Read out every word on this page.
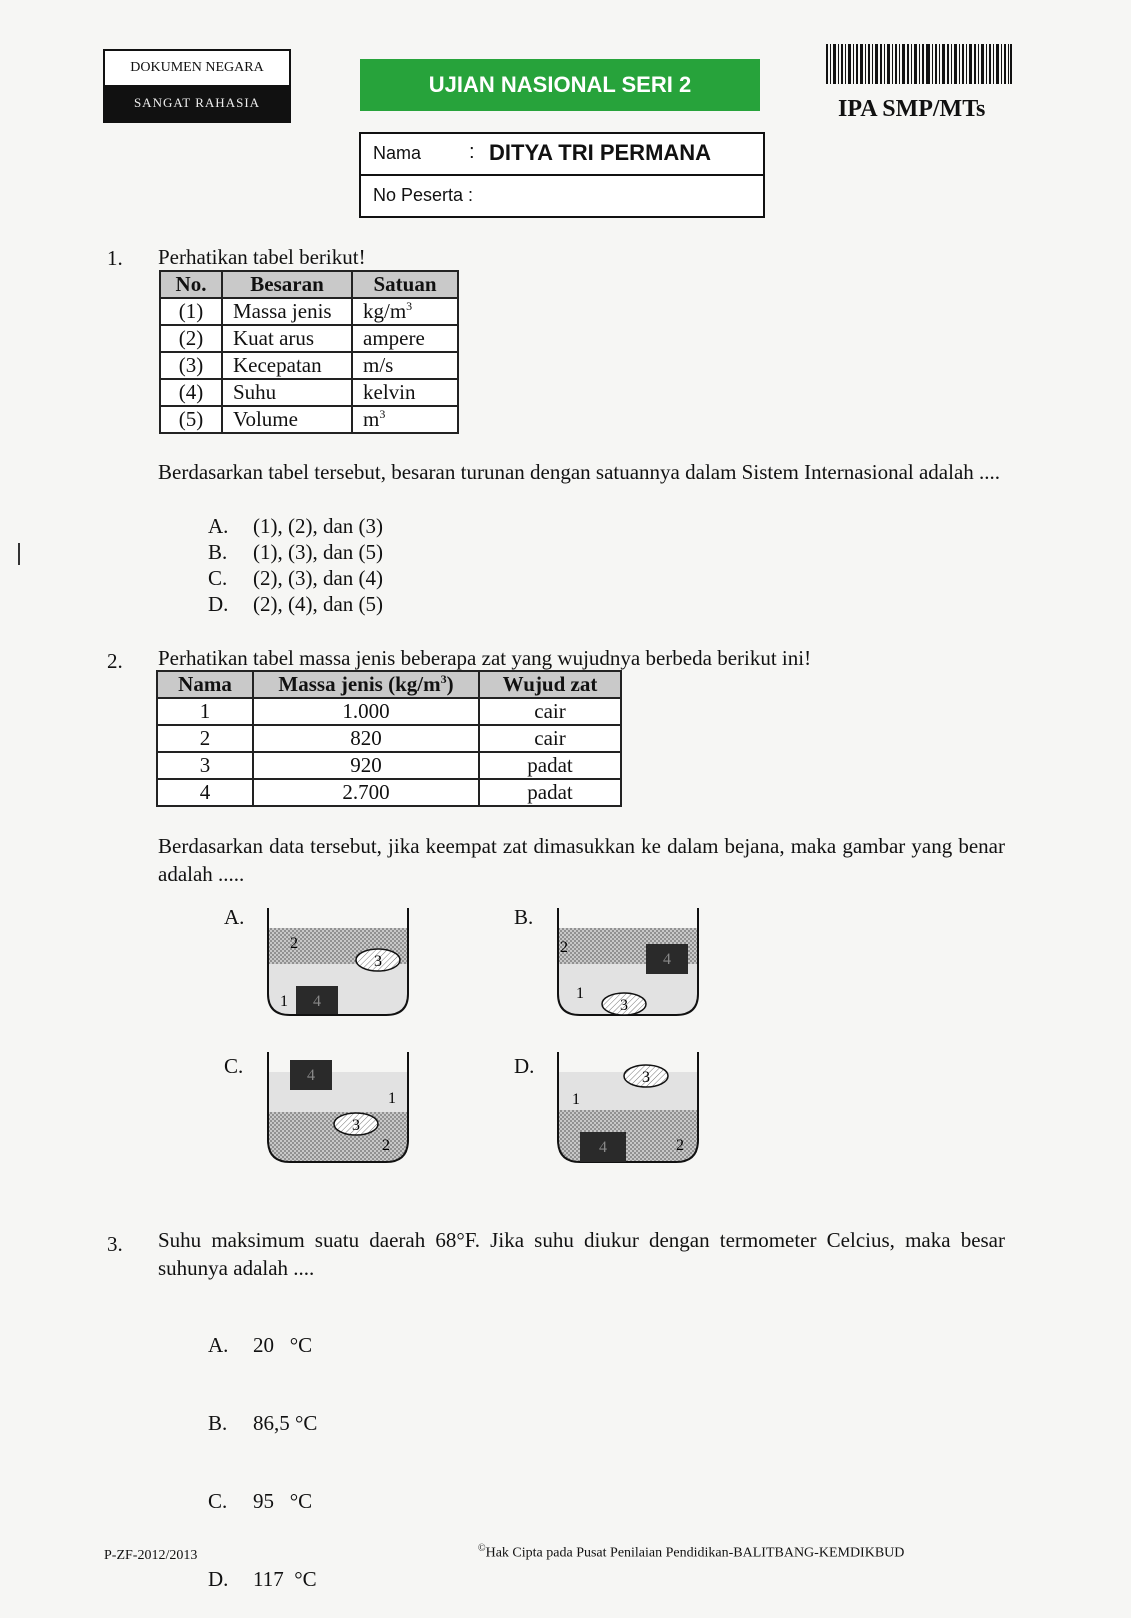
DOKUMEN NEGARA
SANGAT RAHASIA
UJIAN NASIONAL SERI 2
Nama : DITYA TRI PERMANA
No Peserta :
IPA SMP/MTs
1. Perhatikan tabel berikut!
No.	Besaran	Satuan
(1)	Massa jenis	$kg/m^3$
(2)	Kuat arus	ampere
(3)	Kecepatan	m/s
(4)	Suhu	kelvin
(5)	Volume	$m^3$
Berdasarkan tabel tersebut, besaran turunan dengan satuannya dalam Sistem Internasional adalah ....
A.	(1), (2), dan (3)
B.	(1), (3), dan (5)
C.	(2), (3), dan (4)
D.	(2), (4), dan (5)
2. Perhatikan tabel massa jenis beberapa zat yang wujudnya berbeda berikut ini!
Nama	Massa jenis $(kg/m^3)$	Wujud zat
1	1.000	cair
2	820	cair
3	920	padat
4	2.700	padat
Berdasarkan data tersebut, jika keempat zat dimasukkan ke dalam bejana, maka gambar yang benar adalah .....
A.	B.
C.	D.
3
4
2
1
4
3
2
1
4
3
1
2
3
4
1
2
3. Suhu maksimum suatu daerah 68°F. Jika suhu diukur dengan termometer Celcius, maka besar suhunya adalah ....

A.	20   °C

B.	86,5 °C

C.	95   °C

D.	117  °C

P-ZF-2012/2013	©Hak Cipta pada Pusat Penilaian Pendidikan-BALITBANG-KEMDIKBUD
